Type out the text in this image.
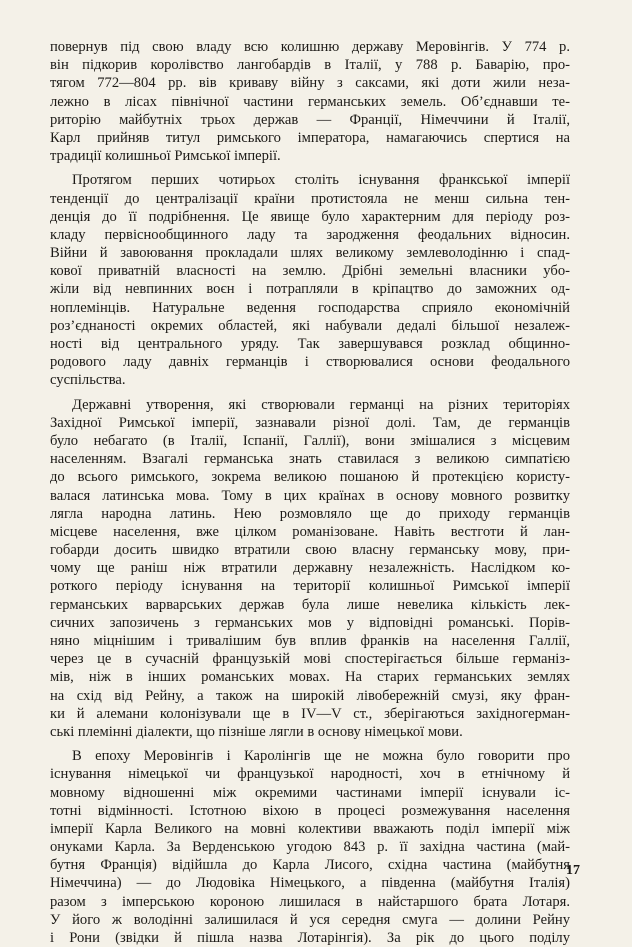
повернув під свою владу всю колишню державу Меровінгів. У 774 р.
він підкорив королівство лангобардів в Італії, у 788 р. Баварію, про-
тягом 772—804 рр. вів криваву війну з саксами, які доти жили неза-
лежно в лісах північної частини германських земель. Об’єднавши те-
риторію майбутніх трьох держав — Франції, Німеччини й Італії,
Карл прийняв титул римського імператора, намагаючись спертися на
традиції колишньої Римської імперії.
Протягом перших чотирьох століть існування франкської імперії
тенденції до централізації країни протистояла не менш сильна тен-
денція до її подрібнення. Це явище було характерним для періоду роз-
кладу первіснообщинного ладу та зародження феодальних відносин.
Війни й завоювання прокладали шлях великому землеволодінню і спад-
кової приватній власності на землю. Дрібні земельні власники убо-
жіли від невпинних воєн і потрапляли в кріпацтво до заможних од-
ноплемінців. Натуральне ведення господарства сприяло економічній
роз’єднаності окремих областей, які набували дедалі більшої незалеж-
ності від центрального уряду. Так завершувався розклад общинно-
родового ладу давніх германців і створювалися основи феодального
суспільства.
Державні утворення, які створювали германці на різних територіях
Західної Римської імперії, зазнавали різної долі. Там, де германців
було небагато (в Італії, Іспанії, Галлії), вони змішалися з місцевим
населенням. Взагалі германська знать ставилася з великою симпатією
до всього римського, зокрема великою пошаною й протекцією користу-
валася латинська мова. Тому в цих країнах в основу мовного розвитку
лягла народна латинь. Нею розмовляло ще до приходу германців
місцеве населення, вже цілком романізоване. Навіть вестготи й лан-
гобарди досить швидко втратили свою власну германську мову, при-
чому ще раніш ніж втратили державну незалежність. Наслідком ко-
роткого періоду існування на території колишньої Римської імперії
германських варварських держав була лише невелика кількість лек-
сичних запозичень з германських мов у відповідні романські. Порів-
няно міцнішим і тривалішим був вплив франків на населення Галлії,
через це в сучасній французькій мові спостерігається більше германіз-
мів, ніж в інших романських мовах. На старих германських землях
на схід від Рейну, а також на широкій лівобережній смузі, яку фран-
ки й алемани колонізували ще в IV—V ст., зберігаються західногерман-
ські племінні діалекти, що пізніше лягли в основу німецької мови.
В епоху Меровінгів і Каролінгів ще не можна було говорити про
існування німецької чи французької народності, хоч в етнічному й
мовному відношенні між окремими частинами імперії існували іс-
тотні відмінності. Істотною віхою в процесі розмежування населення
імперії Карла Великого на мовні колективи вважають поділ імперії між
онуками Карла. За Верденською угодою 843 р. її західна частина (май-
бутня Франція) відійшла до Карла Лисого, східна частина (майбутня
Німеччина) — до Людовіка Німецького, а південна (майбутня Італія)
разом з імперською короною лишилася в найстаршого брата Лотаря.
У його ж володінні залишилася й уся середня смуга — долини Рейну
і Рони (звідки й пішла назва Лотарінгія). За рік до цього поділу
17
